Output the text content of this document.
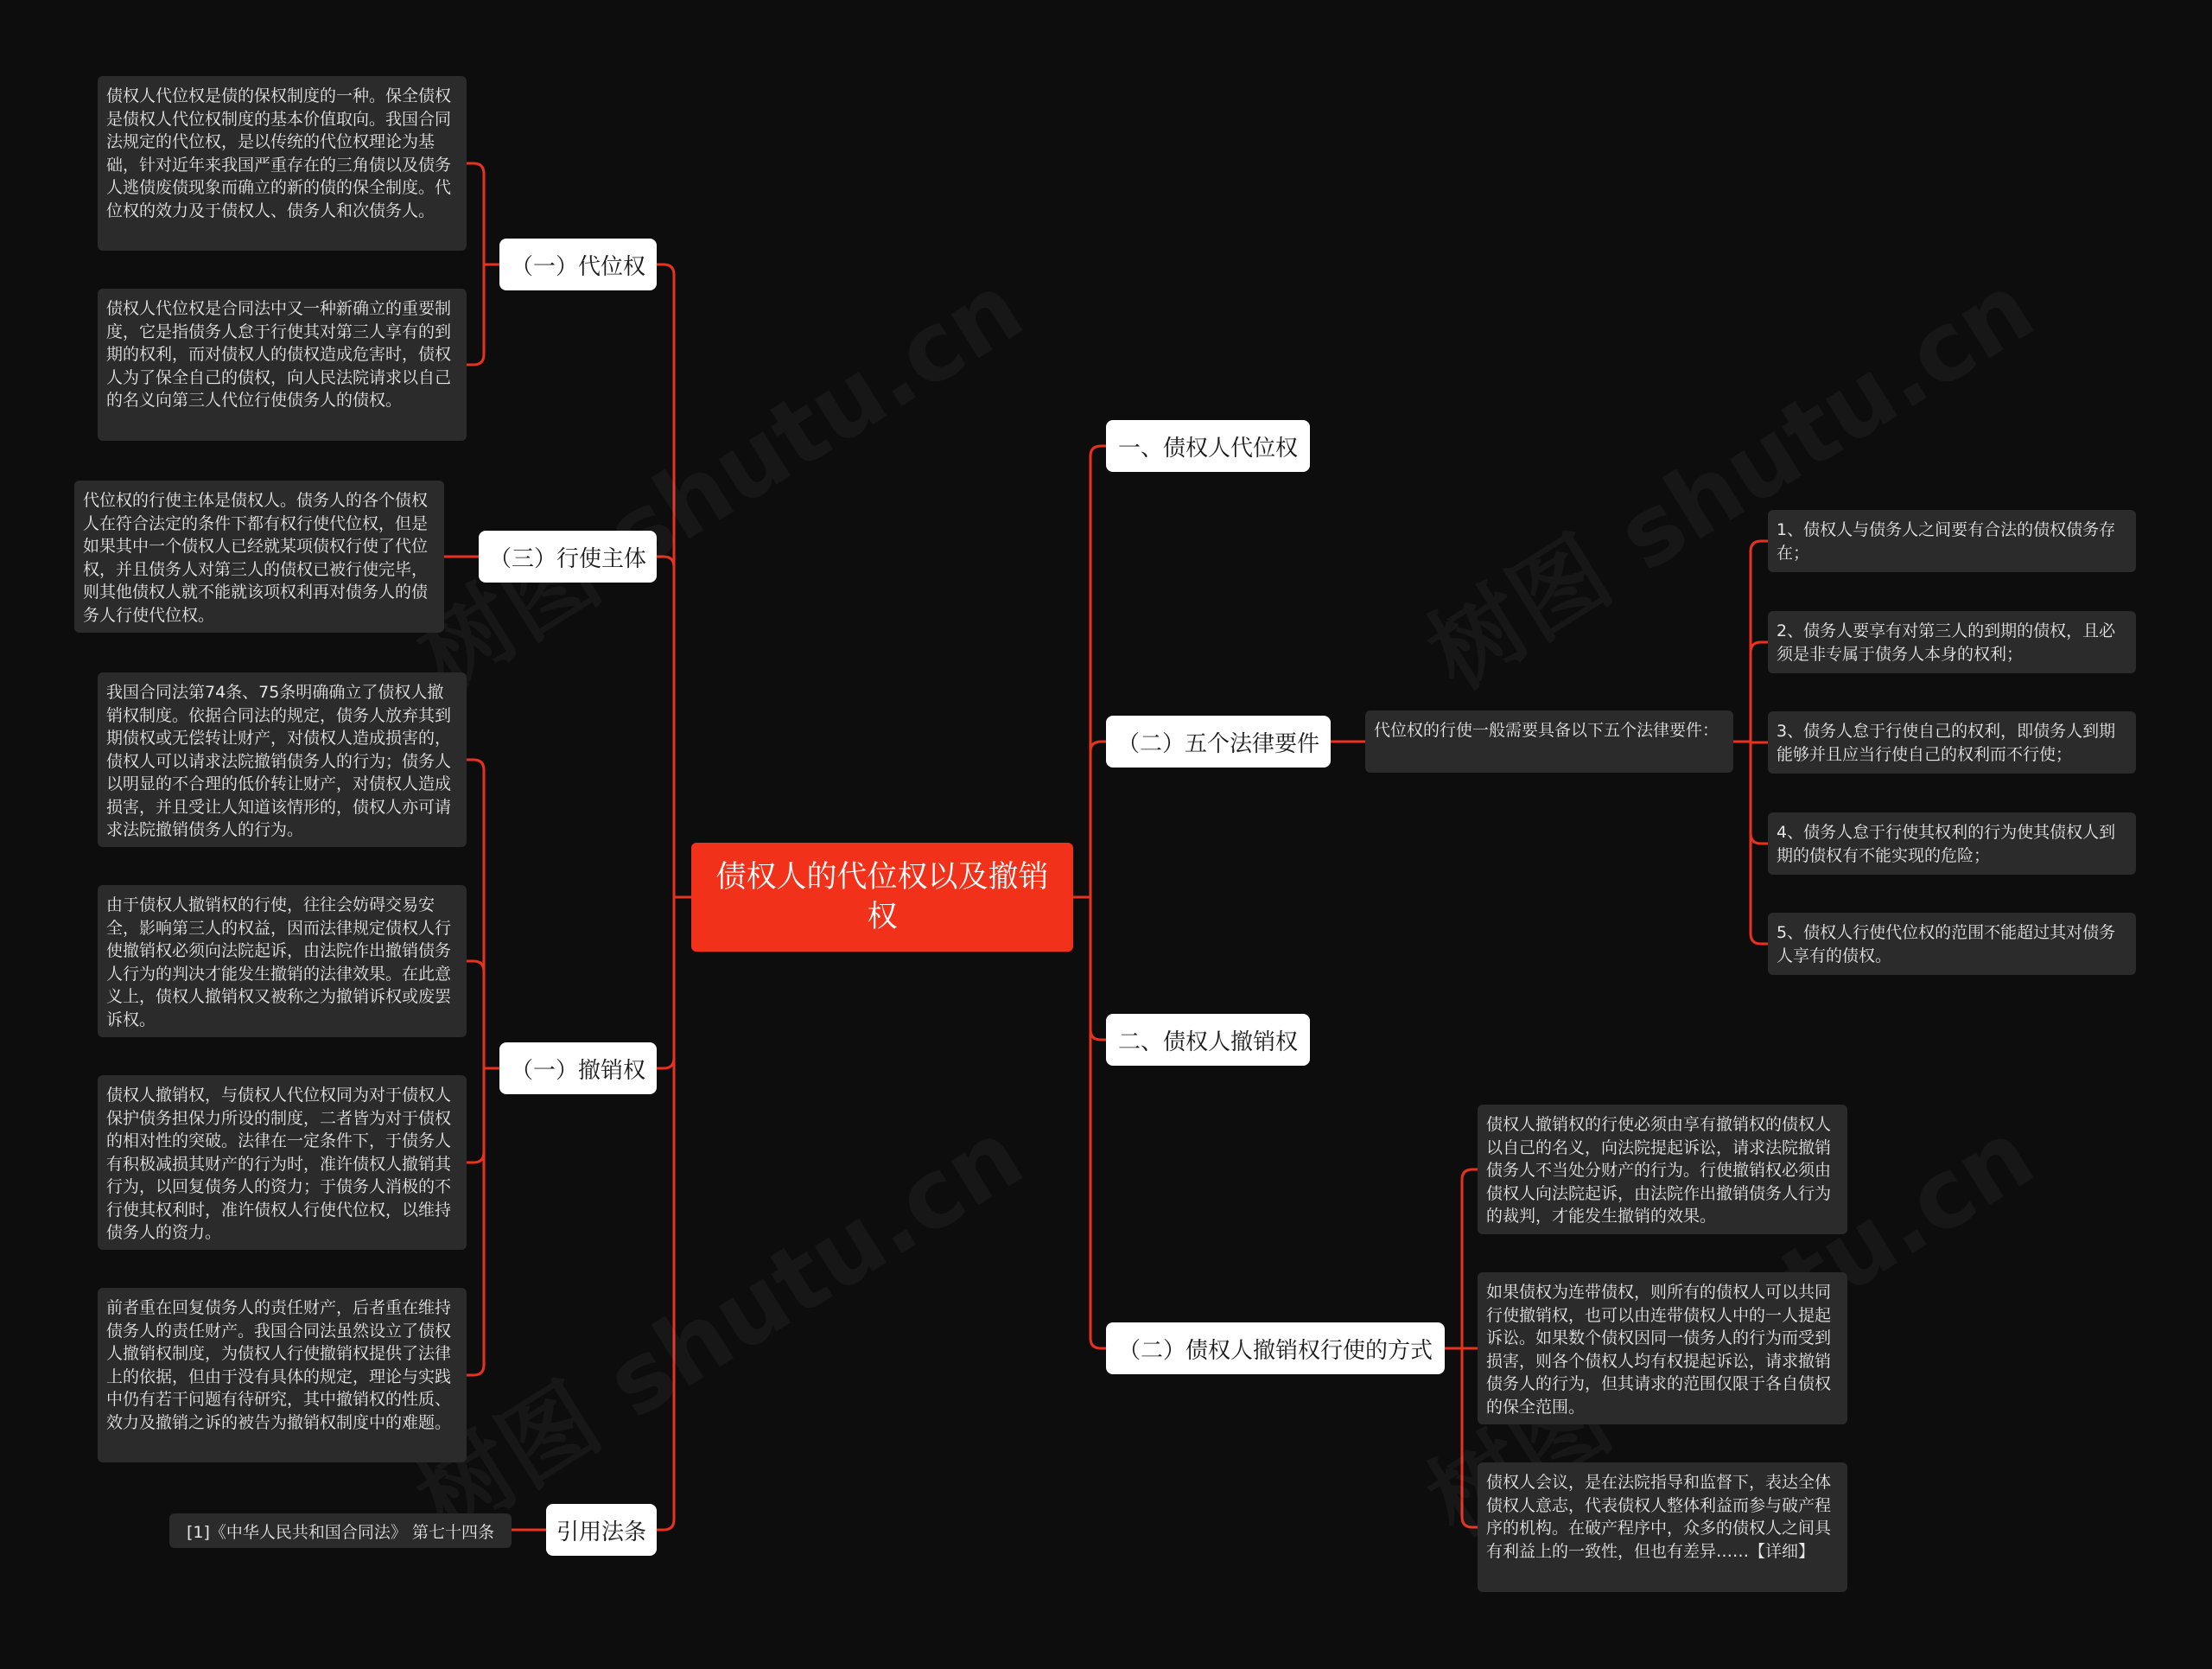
债权人的代位权以及撤销权
（一）代位权
债权人代位权是债的保权制度的一种。保全债权是债权人代位权制度的基本价值取向。我国合同法规定的代位权，是以传统的代位权理论为基础，针对近年来我国严重存在的三角债以及债务人逃债废债现象而确立的新的债的保全制度。代位权的效力及于债权人、债务人和次债务人。
债权人代位权是合同法中又一种新确立的重要制度，它是指债务人怠于行使其对第三人享有的到期的权利，而对债权人的债权造成危害时，债权人为了保全自己的债权，向人民法院请求以自己的名义向第三人代位行使债务人的债权。
（三）行使主体
代位权的行使主体是债权人。债务人的各个债权人在符合法定的条件下都有权行使代位权，但是如果其中一个债权人已经就某项债权行使了代位权，并且债务人对第三人的债权已被行使完毕，则其他债权人就不能就该项权利再对债务人的债务人行使代位权。
（一）撤销权
我国合同法第74条、75条明确确立了债权人撤销权制度。依据合同法的规定，债务人放弃其到期债权或无偿转让财产，对债权人造成损害的，债权人可以请求法院撤销债务人的行为；债务人以明显的不合理的低价转让财产，对债权人造成损害，并且受让人知道该情形的，债权人亦可请求法院撤销债务人的行为。
由于债权人撤销权的行使，往往会妨碍交易安全，影响第三人的权益，因而法律规定债权人行使撤销权必须向法院起诉，由法院作出撤销债务人行为的判决才能发生撤销的法律效果。在此意义上，债权人撤销权又被称之为撤销诉权或废罢诉权。
债权人撤销权，与债权人代位权同为对于债权人保护债务担保力所设的制度，二者皆为对于债权的相对性的突破。法律在一定条件下，于债务人有积极减损其财产的行为时，准许债权人撤销其行为，以回复债务人的资力；于债务人消极的不行使其权利时，准许债权人行使代位权，以维持债务人的资力。
前者重在回复债务人的责任财产，后者重在维持债务人的责任财产。我国合同法虽然设立了债权人撤销权制度，为债权人行使撤销权提供了法律上的依据，但由于没有具体的规定，理论与实践中仍有若干问题有待研究，其中撤销权的性质、效力及撤销之诉的被告为撤销权制度中的难题。
引用法条
[1]《中华人民共和国合同法》 第七十四条
一、债权人代位权
（二）五个法律要件
代位权的行使一般需要具备以下五个法律要件：
1、债权人与债务人之间要有合法的债权债务存在；
2、债务人要享有对第三人的到期的债权，且必须是非专属于债务人本身的权利；
3、债务人怠于行使自己的权利，即债务人到期能够并且应当行使自己的权利而不行使；
4、债务人怠于行使其权利的行为使其债权人到期的债权有不能实现的危险；
5、债权人行使代位权的范围不能超过其对债务人享有的债权。
二、债权人撤销权
（二）债权人撤销权行使的方式
债权人撤销权的行使必须由享有撤销权的债权人以自己的名义，向法院提起诉讼，请求法院撤销债务人不当处分财产的行为。行使撤销权必须由债权人向法院起诉，由法院作出撤销债务人行为的裁判，才能发生撤销的效果。
如果债权为连带债权，则所有的债权人可以共同行使撤销权，也可以由连带债权人中的一人提起诉讼。如果数个债权因同一债务人的行为而受到损害，则各个债权人均有权提起诉讼，请求撤销债务人的行为，但其请求的范围仅限于各自债权的保全范围。
债权人会议，是在法院指导和监督下，表达全体债权人意志，代表债权人整体利益而参与破产程序的机构。在破产程序中，众多的债权人之间具有利益上的一致性，但也有差异……【详细】
